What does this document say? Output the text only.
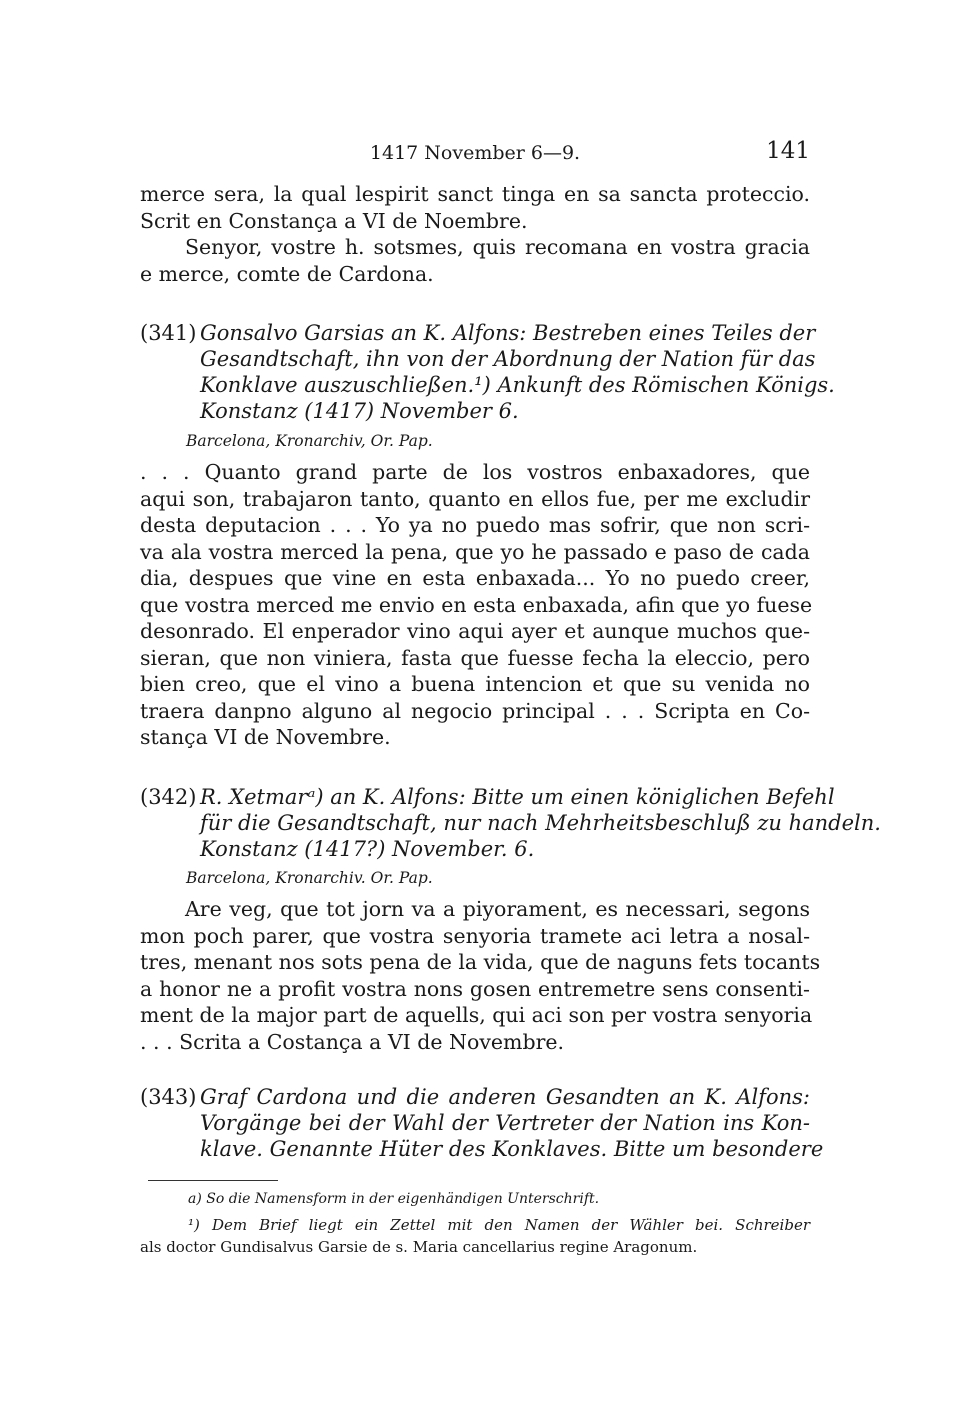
1417 November 6—9.	141
merce sera, la qual lespirit sanct tinga en sa sancta proteccio.
Scrit en Constança a VI de Noembre.
Senyor, vostre h. sotsmes, quis recomana en vostra gracia
e merce, comte de Cardona.
(341) Gonsalvo Garsias an K. Alfons: Bestreben eines Teiles der
Gesandtschaft, ihn von der Abordnung der Nation für das
Konklave auszuschließen.¹) Ankunft des Römischen Königs.
Konstanz (1417) November 6.
Barcelona, Kronarchiv, Or. Pap.
. . . Quanto grand parte de los vostros enbaxadores, que
aqui son, trabajaron tanto, quanto en ellos fue, per me excludir
desta deputacion . . . Yo ya no puedo mas sofrir, que non scri-
va ala vostra merced la pena, que yo he passado e paso de cada
dia, despues que vine en esta enbaxada... Yo no puedo creer,
que vostra merced me envio en esta enbaxada, afin que yo fuese
desonrado. El enperador vino aqui ayer et aunque muchos que-
sieran, que non viniera, fasta que fuesse fecha la eleccio, pero
bien creo, que el vino a buena intencion et que su venida no
traera danpno alguno al negocio principal . . . Scripta en Co-
stança VI de Novembre.
(342) R. Xetmarᵃ) an K. Alfons: Bitte um einen königlichen Befehl
für die Gesandtschaft, nur nach Mehrheitsbeschluß zu handeln.
Konstanz (1417?) November. 6.
Barcelona, Kronarchiv. Or. Pap.
Are veg, que tot jorn va a piyorament, es necessari, segons
mon poch parer, que vostra senyoria tramete aci letra a nosal-
tres, menant nos sots pena de la vida, que de naguns fets tocants
a honor ne a profit vostra nons gosen entremetre sens consenti-
ment de la major part de aquells, qui aci son per vostra senyoria
. . . Scrita a Costança a VI de Novembre.
(343) Graf Cardona und die anderen Gesandten an K. Alfons:
Vorgänge bei der Wahl der Vertreter der Nation ins Kon-
klave. Genannte Hüter des Konklaves. Bitte um besondere
a) So die Namensform in der eigenhändigen Unterschrift.
¹) Dem Brief liegt ein Zettel mit den Namen der Wähler bei. Schreiber
als doctor Gundisalvus Garsie de s. Maria cancellarius regine Aragonum.
